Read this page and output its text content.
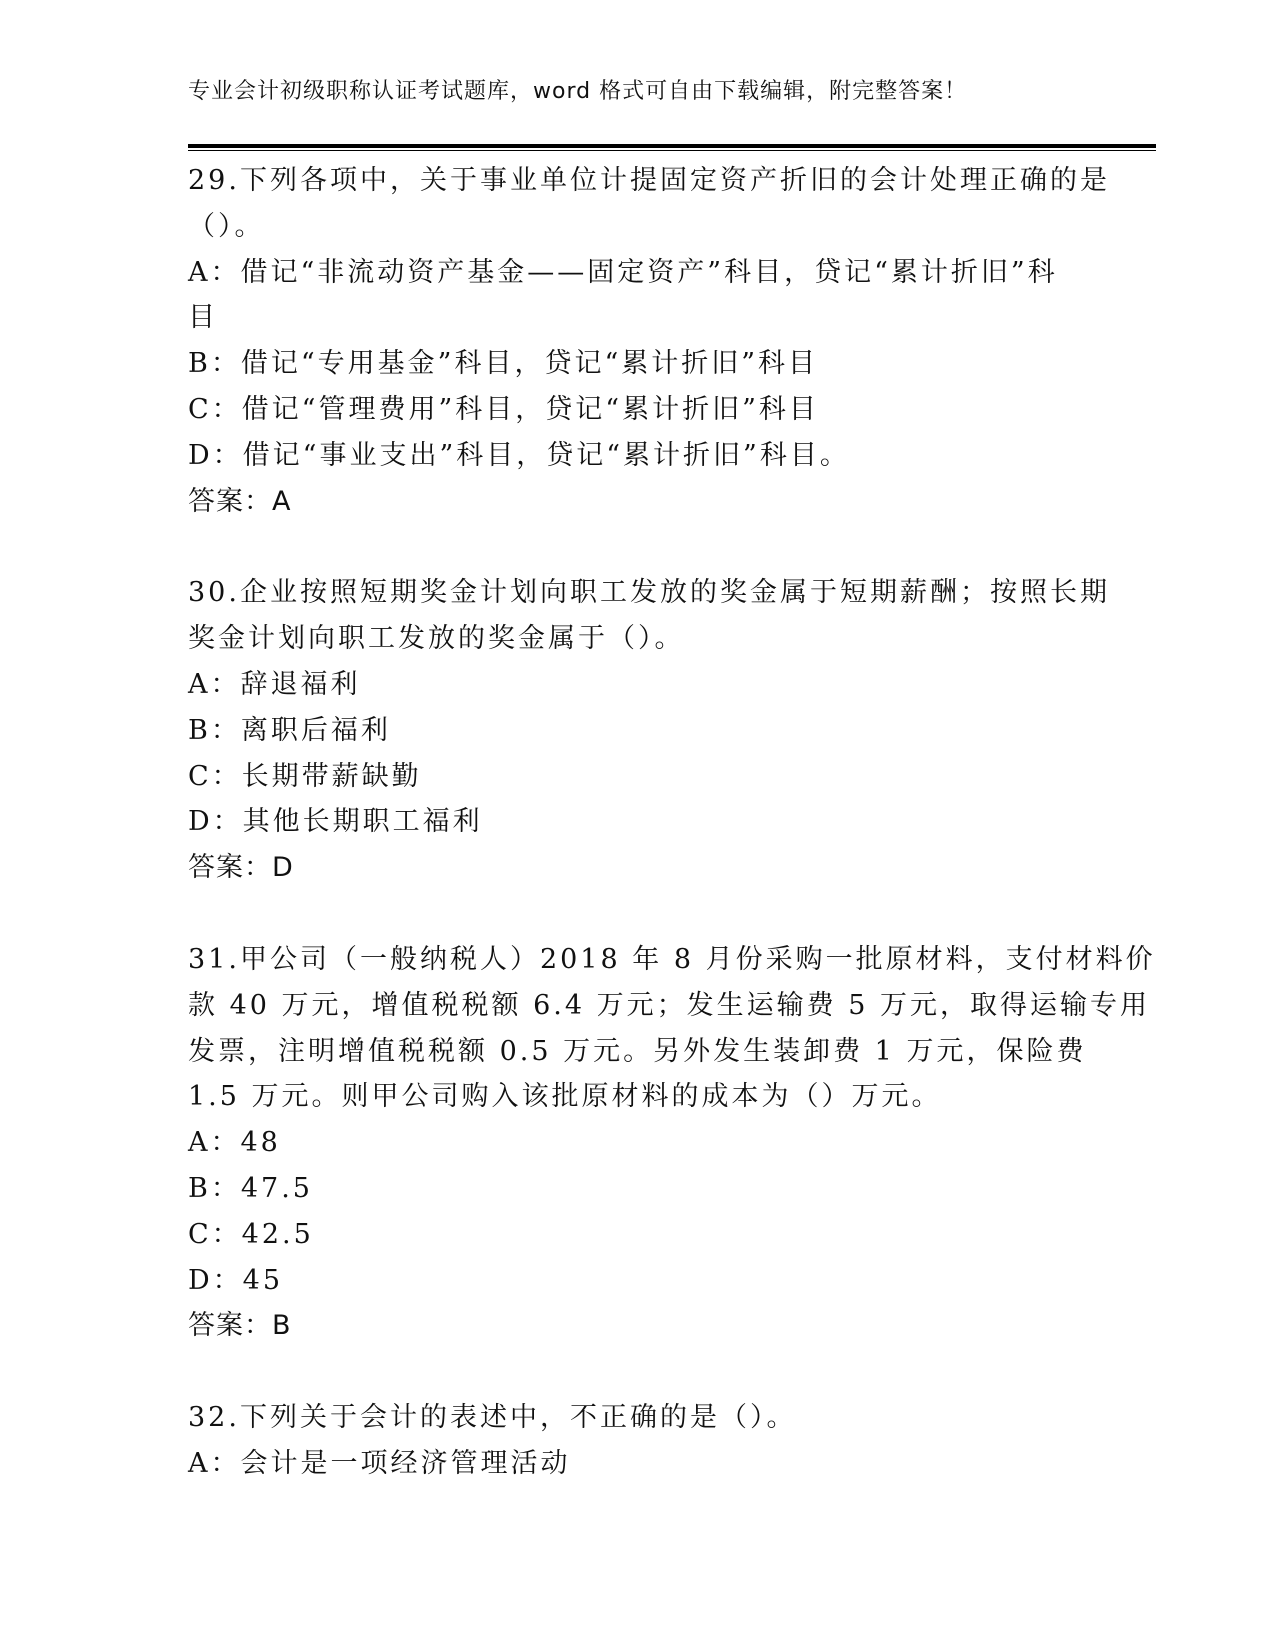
专业会计初级职称认证考试题库，word 格式可自由下载编辑，附完整答案！
29.下列各项中，关于事业单位计提固定资产折旧的会计处理正确的是
（）。
A：借记“非流动资产基金——固定资产”科目，贷记“累计折旧”科
目
B：借记“专用基金”科目，贷记“累计折旧”科目
C：借记“管理费用”科目，贷记“累计折旧”科目
D：借记“事业支出”科目，贷记“累计折旧”科目。
答案：A
30.企业按照短期奖金计划向职工发放的奖金属于短期薪酬；按照长期
奖金计划向职工发放的奖金属于（）。
A：辞退福利
B：离职后福利
C：长期带薪缺勤
D：其他长期职工福利
答案：D
31.甲公司（一般纳税人）2018 年 8 月份采购一批原材料，支付材料价
款 40 万元，增值税税额 6.4 万元；发生运输费 5 万元，取得运输专用
发票，注明增值税税额 0.5 万元。另外发生装卸费 1 万元，保险费
1.5 万元。则甲公司购入该批原材料的成本为（）万元。
A：48
B：47.5
C：42.5
D：45
答案：B
32.下列关于会计的表述中，不正确的是（）。
A：会计是一项经济管理活动
